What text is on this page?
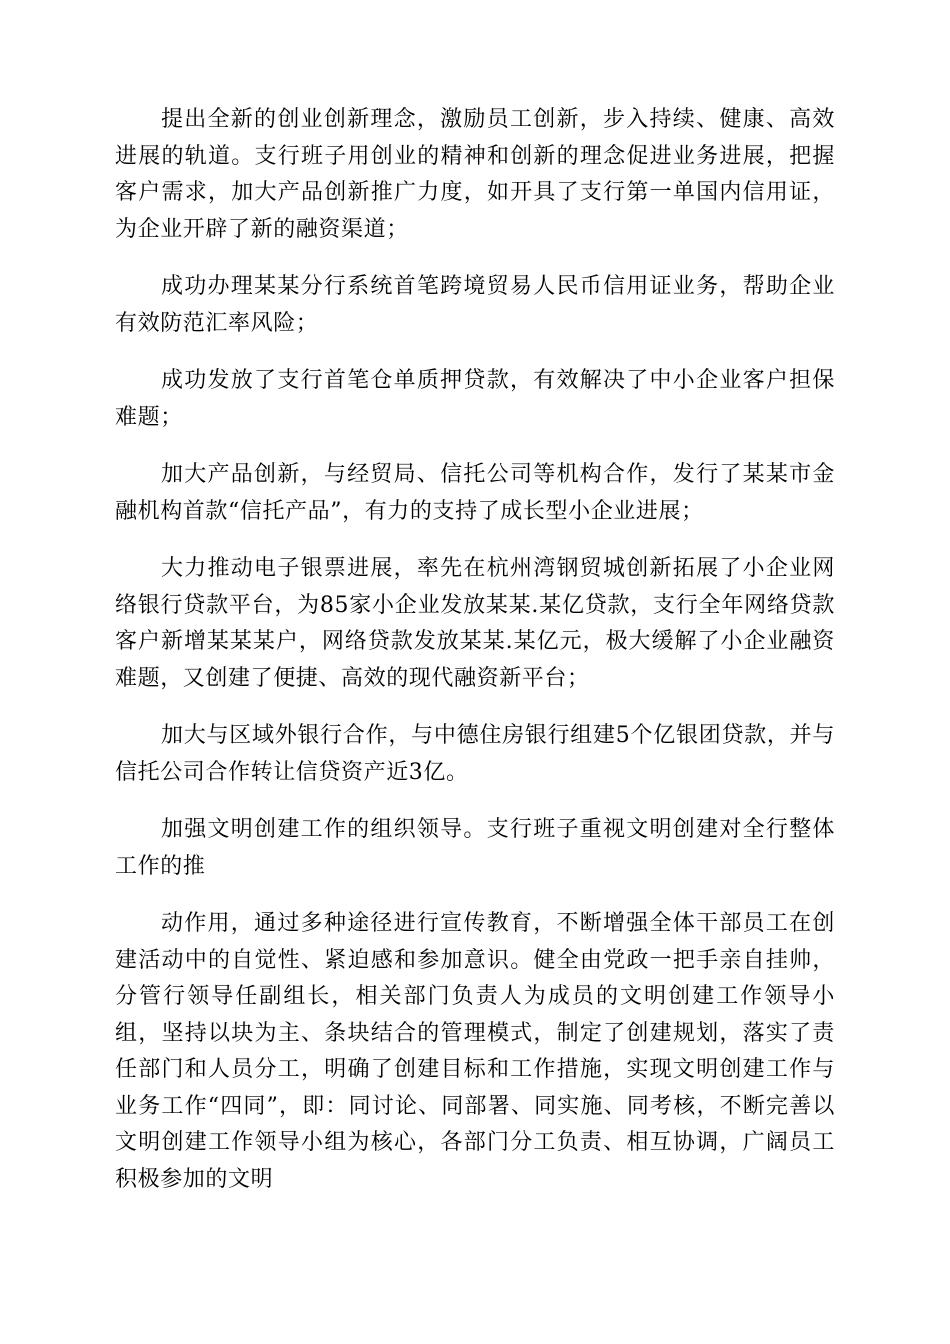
提出全新的创业创新理念，激励员工创新，步入持续、健康、高效进展的轨道。支行班子用创业的精神和创新的理念促进业务进展，把握客户需求，加大产品创新推广力度，如开具了支行第一单国内信用证，为企业开辟了新的融资渠道；

成功办理某某分行系统首笔跨境贸易人民币信用证业务，帮助企业有效防范汇率风险；

成功发放了支行首笔仓单质押贷款，有效解决了中小企业客户担保难题；

加大产品创新，与经贸局、信托公司等机构合作，发行了某某市金融机构首款“信托产品”，有力的支持了成长型小企业进展；

大力推动电子银票进展，率先在杭州湾钢贸城创新拓展了小企业网络银行贷款平台，为85家小企业发放某某.某亿贷款，支行全年网络贷款客户新增某某某户，网络贷款发放某某.某亿元，极大缓解了小企业融资难题，又创建了便捷、高效的现代融资新平台；

加大与区域外银行合作，与中德住房银行组建5个亿银团贷款，并与信托公司合作转让信贷资产近3亿。

加强文明创建工作的组织领导。支行班子重视文明创建对全行整体工作的推

动作用，通过多种途径进行宣传教育，不断增强全体干部员工在创建活动中的自觉性、紧迫感和参加意识。健全由党政一把手亲自挂帅，分管行领导任副组长，相关部门负责人为成员的文明创建工作领导小组，坚持以块为主、条块结合的管理模式，制定了创建规划，落实了责任部门和人员分工，明确了创建目标和工作措施，实现文明创建工作与业务工作“四同”，即：同讨论、同部署、同实施、同考核，不断完善以文明创建工作领导小组为核心，各部门分工负责、相互协调，广阔员工积极参加的文明
